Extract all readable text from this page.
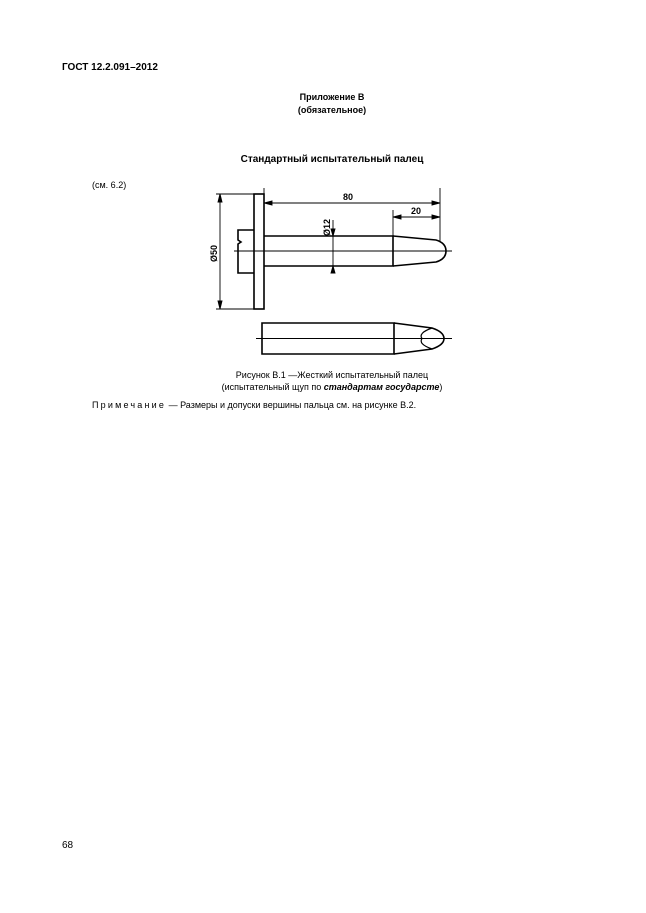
ГОСТ 12.2.091–2012
Приложение В
(обязательное)
Стандартный испытательный палец
(см. 6.2)
80
20
Ø12
Ø50
Рисунок В.1 —Жесткий испытательный палец
(испытательный щуп по стандартам государсте)
Примечание — Размеры и допуски вершины пальца см. на рисунке В.2.
68
